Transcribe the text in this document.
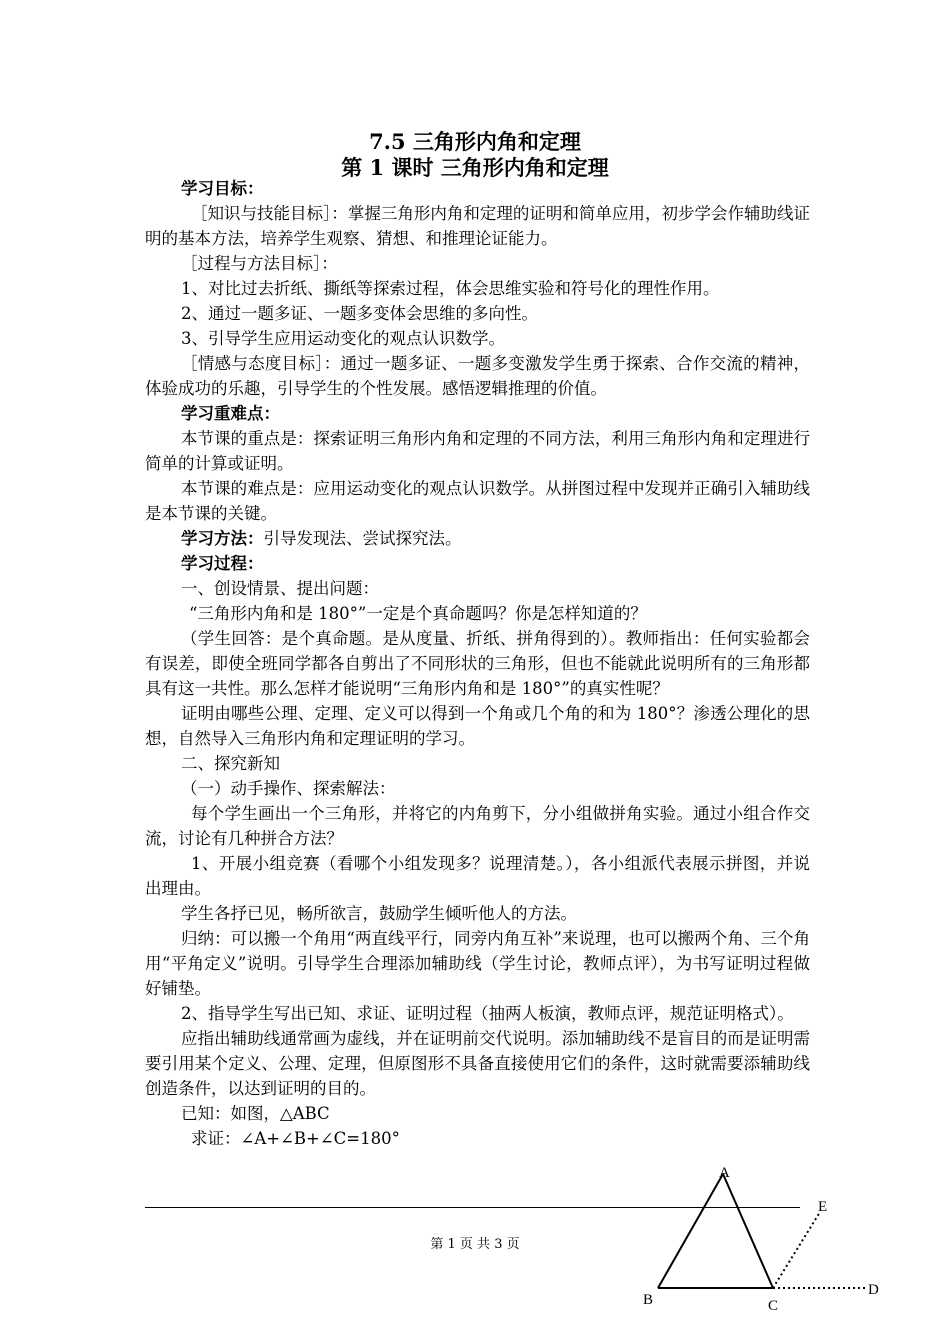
7.5 三角形内角和定理
第 1 课时 三角形内角和定理

学习目标：

［知识与技能目标］：掌握三角形内角和定理的证明和简单应用，初步学会作辅助线证明的基本方法，培养学生观察、猜想、和推理论证能力。

［过程与方法目标］：

1、对比过去折纸、撕纸等探索过程，体会思维实验和符号化的理性作用。

2、通过一题多证、一题多变体会思维的多向性。

3、引导学生应用运动变化的观点认识数学。

［情感与态度目标］：通过一题多证、一题多变激发学生勇于探索、合作交流的精神，体验成功的乐趣，引导学生的个性发展。感悟逻辑推理的价值。

学习重难点：

本节课的重点是：探索证明三角形内角和定理的不同方法，利用三角形内角和定理进行简单的计算或证明。

本节课的难点是：应用运动变化的观点认识数学。从拼图过程中发现并正确引入辅助线是本节课的关键。

学习方法：引导发现法、尝试探究法。

学习过程：

一、创设情景、提出问题：

“三角形内角和是 180°”一定是个真命题吗？你是怎样知道的？

（学生回答：是个真命题。是从度量、折纸、拼角得到的）。教师指出：任何实验都会有误差，即使全班同学都各自剪出了不同形状的三角形，但也不能就此说明所有的三角形都具有这一共性。那么怎样才能说明“三角形内角和是 180°”的真实性呢？

证明由哪些公理、定理、定义可以得到一个角或几个角的和为 180°？渗透公理化的思想，自然导入三角形内角和定理证明的学习。

二、探究新知

（一）动手操作、探索解法：

每个学生画出一个三角形，并将它的内角剪下，分小组做拼角实验。通过小组合作交流，讨论有几种拼合方法？

1、开展小组竞赛（看哪个小组发现多？说理清楚。），各小组派代表展示拼图，并说出理由。

学生各抒已见，畅所欲言，鼓励学生倾听他人的方法。

归纳：可以搬一个角用“两直线平行，同旁内角互补”来说理，也可以搬两个角、三个角用“平角定义”说明。引导学生合理添加辅助线（学生讨论，教师点评），为书写证明过程做好铺垫。

2、指导学生写出已知、求证、证明过程（抽两人板演，教师点评，规范证明格式）。

应指出辅助线通常画为虚线，并在证明前交代说明。添加辅助线不是盲目的而是证明需要引用某个定义、公理、定理，但原图形不具备直接使用它们的条件，这时就需要添辅助线创造条件，以达到证明的目的。

已知：如图，△ABC

求证：∠A+∠B+∠C=180°

第 1 页 共 3 页
A
B	C
D
E
